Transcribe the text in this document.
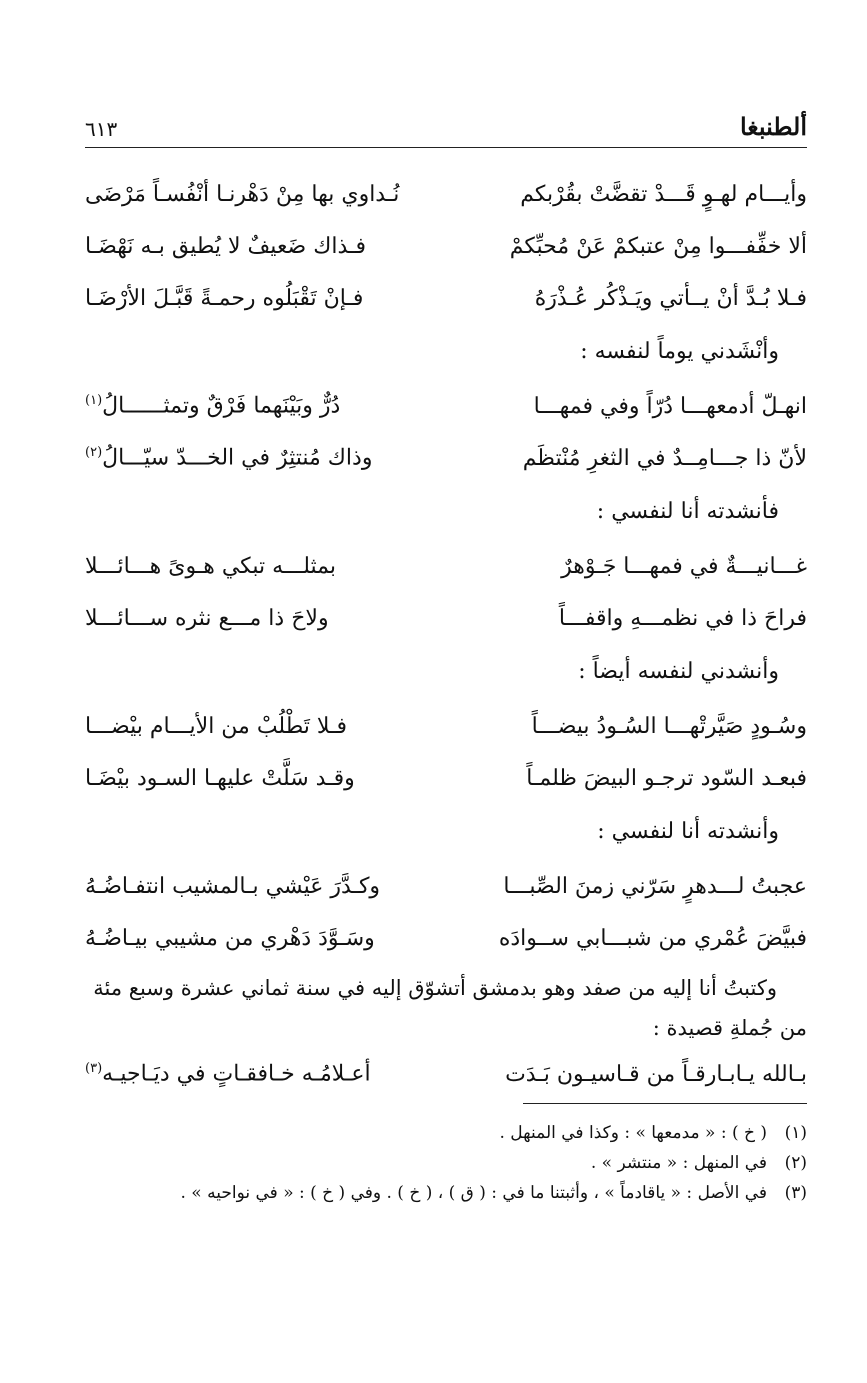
ألطنبغا
٦١٣
وأيـــام لهـوٍ قَـــدْ تقضَّتْ بقُرْبكم
نُـداوي بها مِنْ دَهْرنـا أنْفُسـاً مَرْضَى
ألا خفِّفـــوا مِنْ عتبكمْ عَنْ مُحبِّكمْ
فـذاك ضَعيفٌ لا يُطيق بـه نَهْضَـا
فـلا بُـدَّ أنْ يــأتي ويَـذْكُر عُـذْرَهُ
فـإنْ تَقْبَلُوه رحمـةً قَبَّـلَ الأرْضَـا
وأنْشَدني يوماً لنفسه :
انهـلّ أدمعهـــا دُرّاً وفي فمهـــا
$^{(١)}$دُرٌّ وبَيْنَهما فَرْقٌ وتمثــــــالُ
لأنّ ذا جـــامِــدٌ في الثغرِ مُنْتظَم
$^{(٢)}$وذاك مُنتثِرٌ في الخـــدّ سيّـــالُ
فأنشدته أنا لنفسي :
غـــانيـــةٌ في فمهـــا جَـوْهرٌ
بمثلـــه تبكي هـوىً هـــائـــلا
فراحَ ذا في نظمـــهِ واقفـــاً
ولاحَ ذا مـــع نثره ســـائـــلا
وأنشدني لنفسه أيضاً :
وسُـودٍ صَيَّرتْهـــا السُـودُ بيضـــاً
فـلا تَطْلُبْ من الأيـــام بيْضـــا
فبعـد السّود ترجـو البيضَ ظلمـاً
وقـد سَلَّتْ عليهـا السـود بيْضَـا
وأنشدته أنا لنفسي :
عجبتُ لـــدهرٍ سَرّني زمنَ الصِّبـــا
وكـدَّرَ عَيْشي بـالمشيب انتفـاضُـهُ
فبيَّضَ عُمْري من شبـــابي ســوادَه
وسَـوَّدَ دَهْري من مشيبي بيـاضُـهُ
وكتبتُ أنا إليه من صفد وهو بدمشق أتشوّق إليه في سنة ثماني عشرة وسبع مئة من جُملةِ قصيدة :
بـالله يـابـارقـاً من قـاسيـون بَـدَت
$^{(٣)}$أعـلامُـه خـافقـاتٍ في ديَـاجيـه
(١)
( خ ) : « مدمعها » : وكذا في المنهل .
(٢)
في المنهل : « منتشر » .
(٣)
في الأصل : « ياقادماً » ، وأثبتنا ما في : ( ق ) ، ( خ ) . وفي ( خ ) : « في نواحيه » .
